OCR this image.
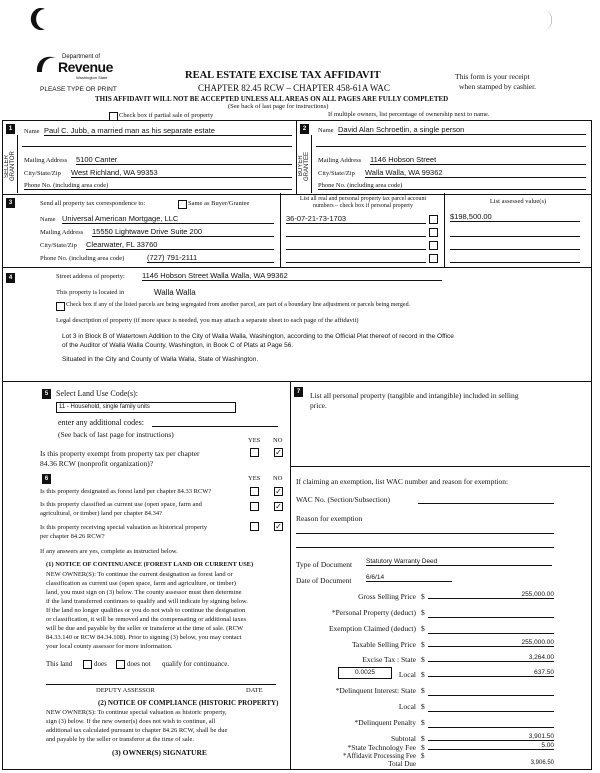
Department of
Revenue
Washington State
PLEASE TYPE OR PRINT
REAL ESTATE EXCISE TAX AFFIDAVIT
CHAPTER 82.45 RCW – CHAPTER 458-61A WAC
THIS AFFIDAVIT WILL NOT BE ACCEPTED UNLESS ALL AREAS ON ALL PAGES ARE FULLY COMPLETED
(See back of last page for instructions)
This form is your receipt
when stamped by cashier.
Check box if partial sale of property	If multiple owners, list percentage of ownership next to name.
1
SELLER GRANTOR
Name Paul C. Jubb, a married man as his separate estate
Mailing Address 5100 Canter
City/State/Zip West Richland, WA 99353
Phone No. (including area code)
2
BUYER GRANTEE
Name David Alan Schroetlin, a single person
Mailing Address 1146 Hobson Street
City/State/Zip Walla Walla, WA 99362
Phone No. (including area code)
3	Send all property tax correspondence to:	Same as Buyer/Grantee
Name Universal American Mortgage, LLC
Mailing Address 15550 Lightwave Drive Suite 200
City/State/Zip Clearwater, FL 33760
Phone No. (including area code)	(727) 791-2111
List all real and personal property tax parcel account
numbers – check box if personal property
List assessed value(s)
36-07-21-73-1703	$198,500.00
4	Street address of property: 1146 Hobson Street Walla Walla, WA 99362
This property is located in	Walla Walla
Check box if any of the listed parcels are being segregated from another parcel, are part of a boundary line adjustment or parcels being merged.
Legal description of property (if more space is needed, you may attach a separate sheet to each page of the affidavit)
Lot 3 in Block B of Watertown Addition to the City of Walla Walla, Washington, according to the Official Plat thereof of record in the Office
of the Auditor of Walla Walla County, Washington, in Book C of Plats at Page 56.
Situated in the City and County of Walla Walla, State of Washington.
5 Select Land Use Code(s):
11 - Household, single family units
enter any additional codes:
(See back of last page for instructions)
YES NO
Is this property exempt from property tax per chapter
84.36 RCW (nonprofit organization)?
✓
6	YES NO
Is this property designated as forest land per chapter 84.33 RCW?	✓
Is this property classified as current use (open space, farm and
agricultural, or timber) land per chapter 84.34?
✓
Is this property receiving special valuation as historical property
per chapter 84.26 RCW?
✓
If any answers are yes, complete as instructed below.
(1) NOTICE OF CONTINUANCE (FOREST LAND OR CURRENT USE)
NEW OWNER(S): To continue the current designation as forest land or
classification as current use (open space, farm and agriculture, or timber)
land, you must sign on (3) below. The county assessor must then determine
if the land transferred continues to qualify and will indicate by signing below.
If the land no longer qualifies or you do not wish to continue the designation
or classification, it will be removed and the compensating or additional taxes
will be due and payable by the seller or transferor at the time of sale. (RCW
84.33.140 or RCW 84.34.108). Prior to signing (3) below, you may contact
your local county assessor for more information.
This land	does	does not qualify for continuance.
DEPUTY ASSESSOR	DATE
(2) NOTICE OF COMPLIANCE (HISTORIC PROPERTY)
NEW OWNER(S): To continue special valuation as historic property,
sign (3) below. If the new owner(s) does not wish to continue, all
additional tax calculated pursuant to chapter 84.26 RCW, shall be due
and payable by the seller or transferor at the time of sale.
(3) OWNER(S) SIGNATURE
7	List all personal property (tangible and intangible) included in selling
price.
If claiming an exemption, list WAC number and reason for exemption:
WAC No. (Section/Subsection)
Reason for exemption
Type of Document Statutory Warranty Deed
Date of Document 6/6/14
Gross Selling Price $	255,000.00
*Personal Property (deduct) $
Exemption Claimed (deduct) $
Taxable Selling Price $	255,000.00
Excise Tax : State $	3,264.00
0.0025	Local $	637.50
*Delinquent Interest: State $
Local $
*Delinquent Penalty $
Subtotal $	3,901.50
*State Technology Fee $	5.00
*Affidavit Processing Fee $
Total Due	3,906.50
